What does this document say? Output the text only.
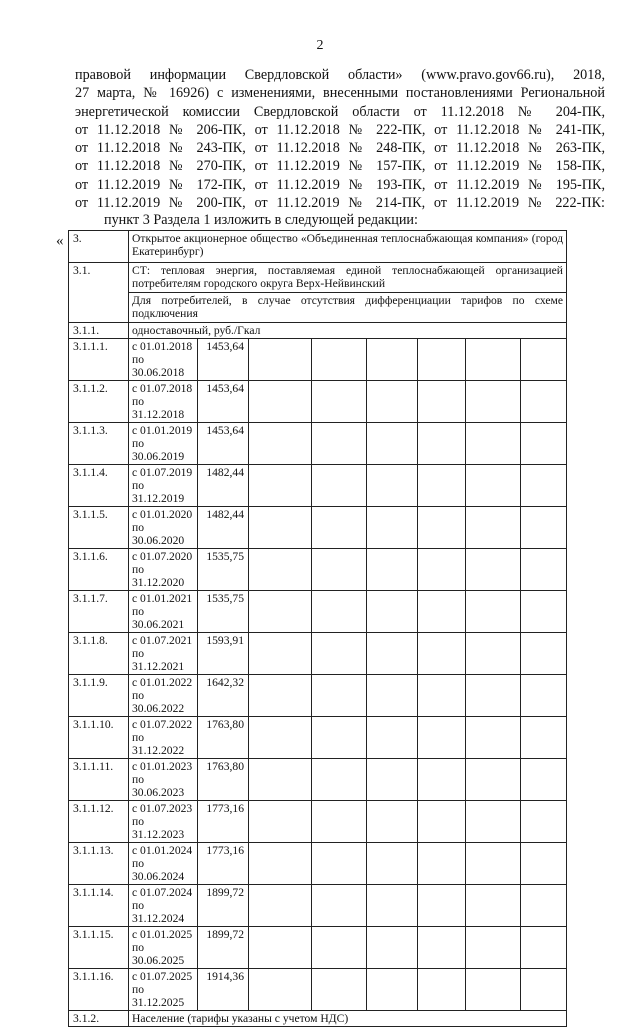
2
правовой информации Свердловской области» (www.pravo.gov66.ru), 2018,
27 марта, № 16926) с изменениями, внесенными постановлениями Региональной
энергетической комиссии Свердловской области от 11.12.2018 № 204-ПК,
от 11.12.2018 № 206-ПК, от 11.12.2018 № 222-ПК, от 11.12.2018 № 241-ПК,
от 11.12.2018 № 243-ПК, от 11.12.2018 № 248-ПК, от 11.12.2018 № 263-ПК,
от 11.12.2018 № 270-ПК, от 11.12.2019 № 157-ПК, от 11.12.2019 № 158-ПК,
от 11.12.2019 № 172-ПК, от 11.12.2019 № 193-ПК, от 11.12.2019 № 195-ПК,
от 11.12.2019 № 200-ПК, от 11.12.2019 № 214-ПК, от 11.12.2019 № 222-ПК:
пункт 3 Раздела 1 изложить в следующей редакции:
« 3.	Открытое акционерное общество «Объединенная теплоснабжающая компания» (город Екатеринбург)							
3.1.	СТ: тепловая энергия, поставляемая единой теплоснабжающей организацией потребителям городского округа Верх-Нейвинский							
	Для потребителей, в случае отсутствия дифференциации тарифов по схеме подключения							
3.1.1.	одноставочный, руб./Гкал							
3.1.1.1.	с 01.01.2018 по
30.06.2018	1453,64						
3.1.1.2.	с 01.07.2018 по
31.12.2018	1453,64						
3.1.1.3.	с 01.01.2019 по
30.06.2019	1453,64						
3.1.1.4.	с 01.07.2019 по
31.12.2019	1482,44						
3.1.1.5.	с 01.01.2020 по
30.06.2020	1482,44						
3.1.1.6.	с 01.07.2020 по
31.12.2020	1535,75						
3.1.1.7.	с 01.01.2021 по
30.06.2021	1535,75						
3.1.1.8.	с 01.07.2021 по
31.12.2021	1593,91						
3.1.1.9.	с 01.01.2022 по
30.06.2022	1642,32						
3.1.1.10.	с 01.07.2022 по
31.12.2022	1763,80						
3.1.1.11.	с 01.01.2023 по
30.06.2023	1763,80						
3.1.1.12.	с 01.07.2023 по
31.12.2023	1773,16						
3.1.1.13.	с 01.01.2024 по
30.06.2024	1773,16						
3.1.1.14.	с 01.07.2024 по
31.12.2024	1899,72						
3.1.1.15.	с 01.01.2025 по
30.06.2025	1899,72						
3.1.1.16.	с 01.07.2025 по
31.12.2025	1914,36						
3.1.2.	Население (тарифы указаны с учетом НДС)							
